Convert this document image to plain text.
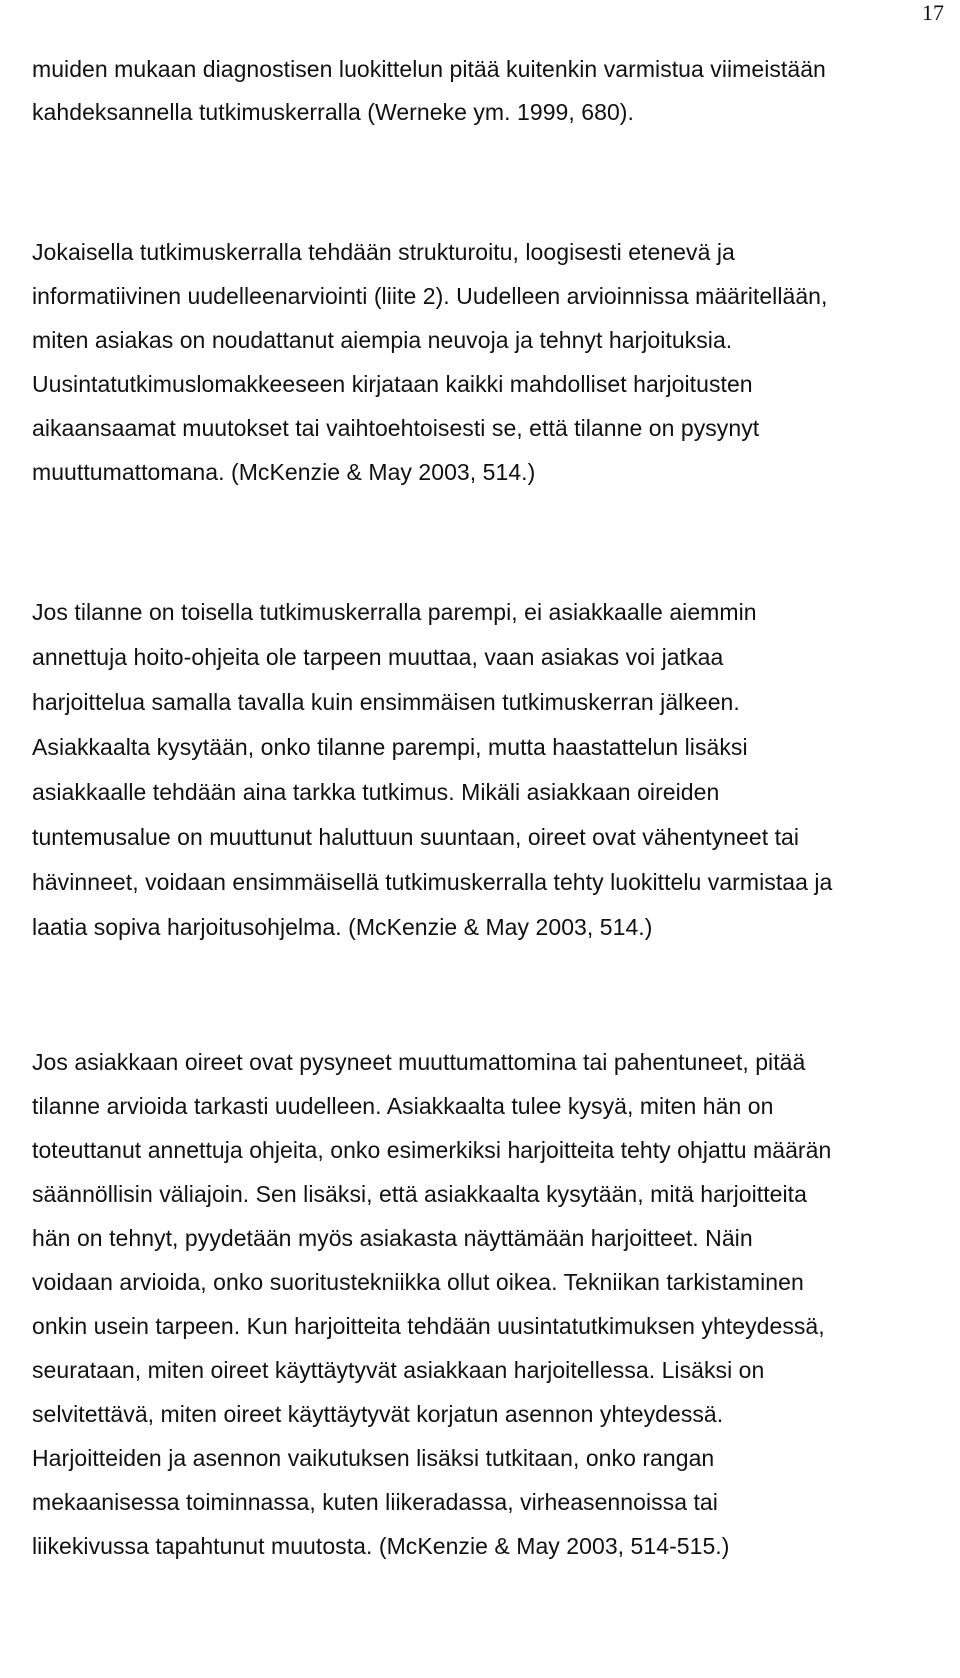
17
muiden mukaan diagnostisen luokittelun pitää kuitenkin varmistua viimeistään
kahdeksannella tutkimuskerralla (Werneke ym. 1999, 680).
Jokaisella tutkimuskerralla tehdään strukturoitu, loogisesti etenevä ja
informatiivinen uudelleenarviointi (liite 2). Uudelleen arvioinnissa määritellään,
miten asiakas on noudattanut aiempia neuvoja ja tehnyt harjoituksia.
Uusintatutkimuslomakkeeseen kirjataan kaikki mahdolliset harjoitusten
aikaansaamat muutokset tai vaihtoehtoisesti se, että tilanne on pysynyt
muuttumattomana. (McKenzie & May 2003, 514.)
Jos tilanne on toisella tutkimuskerralla parempi, ei asiakkaalle aiemmin
annettuja hoito-ohjeita ole tarpeen muuttaa, vaan asiakas voi jatkaa
harjoittelua samalla tavalla kuin ensimmäisen tutkimuskerran jälkeen.
Asiakkaalta kysytään, onko tilanne parempi, mutta haastattelun lisäksi
asiakkaalle tehdään aina tarkka tutkimus. Mikäli asiakkaan oireiden
tuntemusalue on muuttunut haluttuun suuntaan, oireet ovat vähentyneet tai
hävinneet, voidaan ensimmäisellä tutkimuskerralla tehty luokittelu varmistaa ja
laatia sopiva harjoitusohjelma. (McKenzie & May 2003, 514.)
Jos asiakkaan oireet ovat pysyneet muuttumattomina tai pahentuneet, pitää
tilanne arvioida tarkasti uudelleen. Asiakkaalta tulee kysyä, miten hän on
toteuttanut annettuja ohjeita, onko esimerkiksi harjoitteita tehty ohjattu määrän
säännöllisin väliajoin. Sen lisäksi, että asiakkaalta kysytään, mitä harjoitteita
hän on tehnyt, pyydetään myös asiakasta näyttämään harjoitteet. Näin
voidaan arvioida, onko suoritustekniikka ollut oikea. Tekniikan tarkistaminen
onkin usein tarpeen. Kun harjoitteita tehdään uusintatutkimuksen yhteydessä,
seurataan, miten oireet käyttäytyvät asiakkaan harjoitellessa. Lisäksi on
selvitettävä, miten oireet käyttäytyvät korjatun asennon yhteydessä.
Harjoitteiden ja asennon vaikutuksen lisäksi tutkitaan, onko rangan
mekaanisessa toiminnassa, kuten liikeradassa, virheasennoissa tai
liikekivussa tapahtunut muutosta. (McKenzie & May 2003, 514-515.)
